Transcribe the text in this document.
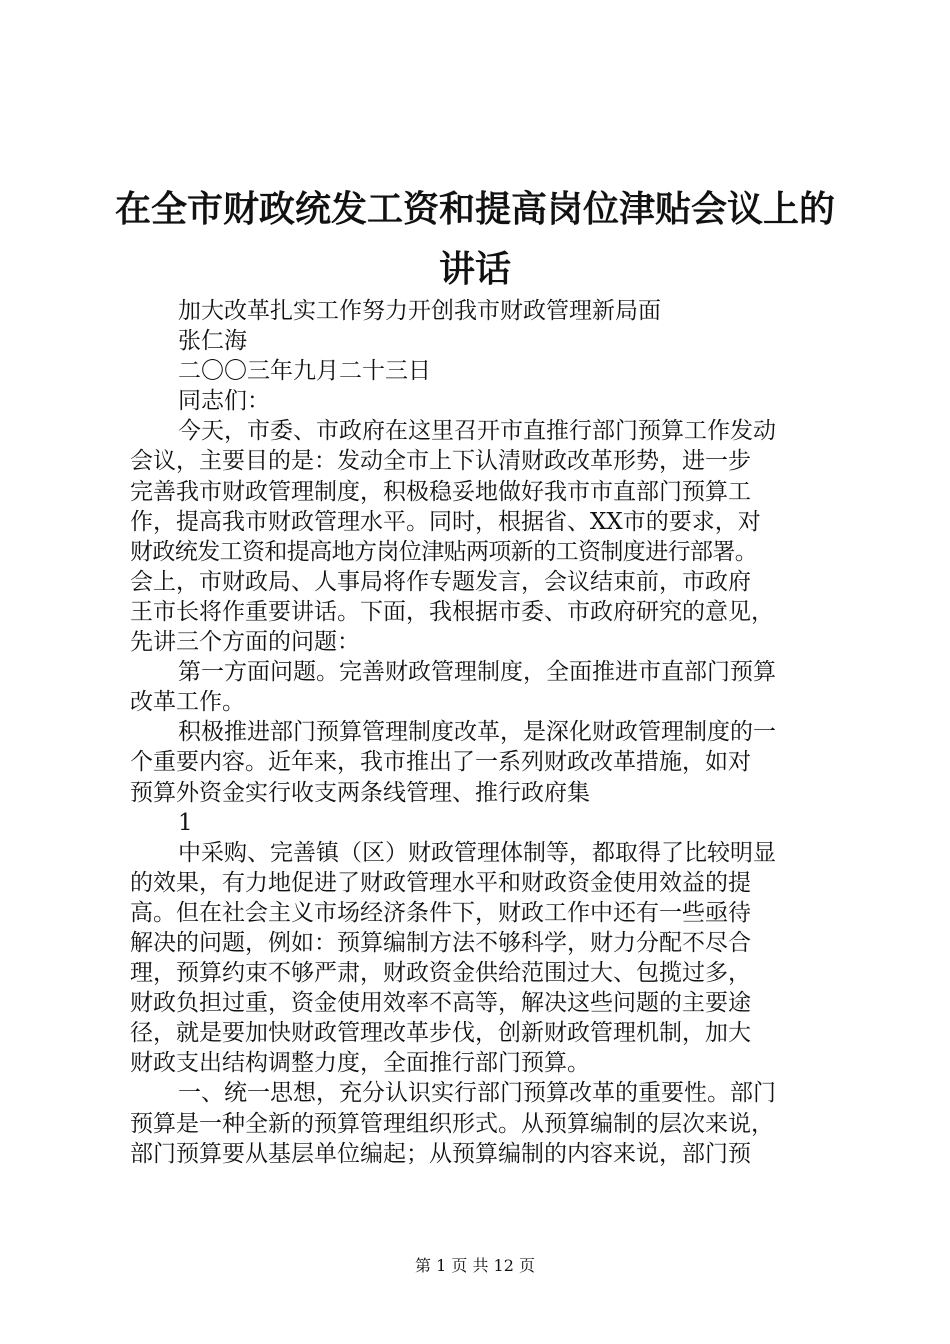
在全市财政统发工资和提高岗位津贴会议上的
讲话
加大改革扎实工作努力开创我市财政管理新局面
张仁海
二〇〇三年九月二十三日
同志们：
今天，市委、市政府在这里召开市直推行部门预算工作发动
会议，主要目的是：发动全市上下认清财政改革形势，进一步
完善我市财政管理制度，积极稳妥地做好我市市直部门预算工
作，提高我市财政管理水平。同时，根据省、XX市的要求，对
财政统发工资和提高地方岗位津贴两项新的工资制度进行部署。
会上，市财政局、人事局将作专题发言，会议结束前，市政府
王市长将作重要讲话。下面，我根据市委、市政府研究的意见，
先讲三个方面的问题：
第一方面问题。完善财政管理制度，全面推进市直部门预算
改革工作。
积极推进部门预算管理制度改革，是深化财政管理制度的一
个重要内容。近年来，我市推出了一系列财政改革措施，如对
预算外资金实行收支两条线管理、推行政府集
1
中采购、完善镇（区）财政管理体制等，都取得了比较明显
的效果，有力地促进了财政管理水平和财政资金使用效益的提
高。但在社会主义市场经济条件下，财政工作中还有一些亟待
解决的问题，例如：预算编制方法不够科学，财力分配不尽合
理，预算约束不够严肃，财政资金供给范围过大、包揽过多，
财政负担过重，资金使用效率不高等，解决这些问题的主要途
径，就是要加快财政管理改革步伐，创新财政管理机制，加大
财政支出结构调整力度，全面推行部门预算。
一、统一思想，充分认识实行部门预算改革的重要性。部门
预算是一种全新的预算管理组织形式。从预算编制的层次来说，
部门预算要从基层单位编起；从预算编制的内容来说，部门预
第 1 页 共 12 页
